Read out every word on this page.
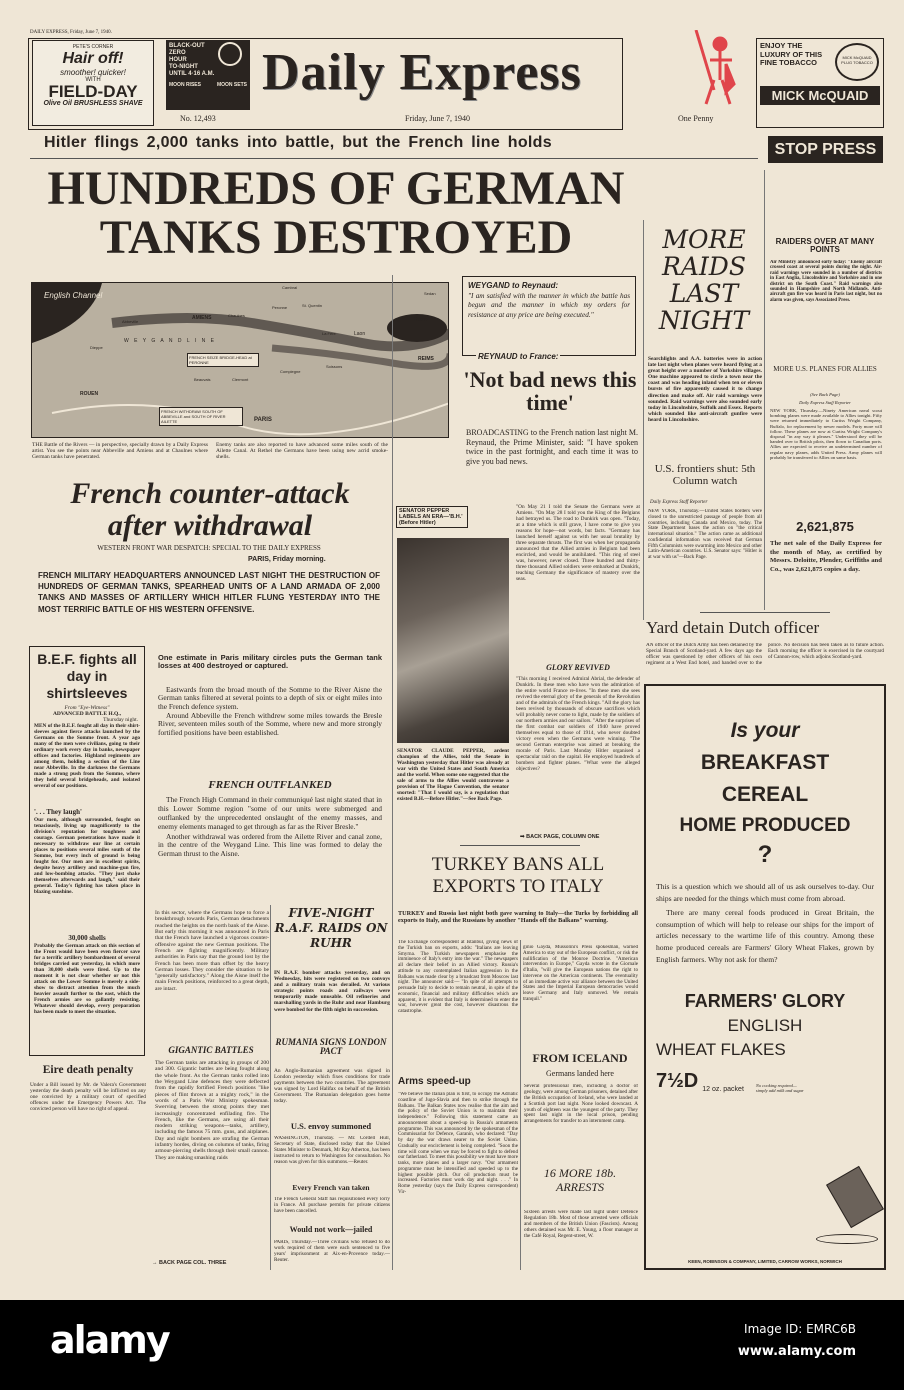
DAILY EXPRESS, Friday, June 7, 1940.
PETE'S CORNER
Hair off!
smoother! quicker!
WITH
FIELD-DAY
Olive Oil BRUSHLESS SHAVE
BLACK-OUT
ZERO
HOUR
TO-NIGHT
UNTIL 4·16 A.M.
MOON RISES	MOON SETS Daily Express	ENJOY THE
LUXURY OF THIS
FINE TOBACCO
MICK McQUAID PLUG TOBACCO
MICK McQUAID
No. 12,493	Friday, June 7, 1940	One Penny
Hitler flings 2,000 tanks into battle, but the French line holds	STOP PRESS
HUNDREDS OF GERMAN
TANKS DESTROYED
English Channel
AMIENS
Abbeville
Peronne	St. Quentin
Laon
La Fere
Rethel
Sedan
Cambrai
REIMS
Soissons
Compiegne
Clermont
Beauvais
ROUEN
Dieppe
Chaulnes
PARIS
W E Y G A N D L I N E
FRENCH SEIZE BRIDGE-HEAD at PERONNE
FRENCH WITHDRAW SOUTH OF ABBEVILLE and SOUTH OF RIVER AILETTE
THE Battle of the Rivers — in perspective, specially drawn by a Daily Express artist. You see the points near Abbeville and Amiens and at Chaulnes where German tanks have penetrated.
Enemy tanks are also reported to have advanced some miles south of the Ailette Canal. At Rethel the Germans have been using new acrid smoke-shells.
French counter-attack
after withdrawal
WESTERN FRONT WAR DESPATCH: SPECIAL TO THE DAILY EXPRESS
PARIS, Friday morning.
FRENCH MILITARY HEADQUARTERS ANNOUNCED LAST NIGHT THE DESTRUCTION OF HUNDREDS OF GERMAN TANKS, SPEARHEAD UNITS OF A LAND ARMADA OF 2,000 TANKS AND MASSES OF ARTILLERY WHICH HITLER FLUNG YESTERDAY INTO THE MOST TERRIFIC BATTLE OF HIS WESTERN OFFENSIVE.
One estimate in Paris military circles puts the German tank losses at 400 destroyed or captured.

Eastwards from the broad mouth of the Somme to the River Aisne the German tanks filtered at several points to a depth of six or eight miles into the French defence system.

Around Abbeville the French withdrew some miles towards the Bresle River, seventeen miles south of the Somme, where new and more strongly fortified positions have been established.

FRENCH OUTFLANKED

The French High Command in their communiqué last night stated that in this Lower Somme region "some of our units were submerged and outflanked by the unprecedented onslaught of the enemy masses, and enemy elements managed to get through as far as the River Bresle."

Another withdrawal was ordered from the Ailette River and canal zone, in the centre of the Weygand Line. This line was formed to delay the German thrust to the Aisne.

In this sector, where the Germans hope to force a breakthrough towards Paris, German detachments reached the heights on the north bank of the Aisne. But early this morning it was announced in Paris that the French have launched a vigorous counter-offensive against the new German positions. The French are fighting magnificently. Military authorities in Paris say that the ground lost by the French has been more than offset by the heavy German losses. They consider the situation to be "generally satisfactory." Along the Aisne itself the main French positions, reinforced to a great depth, are intact.
GIGANTIC BATTLES
The German tanks are attacking in groups of 200 and 300. Gigantic battles are being fought along the whole front. As the German tanks rolled into the Weygand Line defences they were deflected from the rapidly fortified French positions "like pieces of flint thrown at a mighty rock," in the words of a Paris War Ministry spokesman. Swerving between the strong points they met increasingly concentrated enfilading fire. The French, like the Germans, are using all their modern striking weapons—tanks, artillery, including the famous 75 mm. guns, and airplanes. Day and night bombers are strafing the German infantry hordes, diving on columns of tanks, firing armour-piercing shells through their small cannon. They are making smashing raids
→ BACK PAGE COL. THREE
B.E.F. fights all day in shirtsleeves
From "Eye-Witness"
ADVANCED BATTLE H.Q.,
Thursday night.
MEN of the B.E.F. fought all day in their shirt-sleeves against fierce attacks launched by the Germans on the Somme front. A year ago many of the men were civilians, going to their ordinary work every day in banks, newspaper offices and factories. Highland regiments are among them, holding a section of the Line near Abbeville. In the darkness the Germans made a strong push from the Somme, where they held several bridgeheads, and isolated several of our positions.
'. . . They laugh'
Our men, although surrounded, fought on tenaciously, living up magnificently to the division's reputation for toughness and courage. German penetrations have made it necessary to withdraw our line at certain places to positions several miles south of the Somme, but every inch of ground is being fought for. Our men are in excellent spirits, despite heavy artillery and machine-gun fire, and low-bombing attacks. "They just shake themselves afterwards and laugh," said their general. Today's fighting has taken place in blazing sunshine.
30,000 shells
Probably the German attack on this section of the Front would have been even fiercer save for a terrific artillery bombardment of several bridges carried out yesterday, in which more than 30,000 shells were fired. Up to the moment it is not clear whether or not this attack on the Lower Somme is merely a side-show to distract attention from the much heavier assault further to the east, which the French armies are so gallantly resisting. Whatever should develop, every preparation has been made to meet the situation.
Eire death penalty
Under a Bill issued by Mr. de Valera's Government yesterday the death penalty will be inflicted on any one convicted by a military court of specified offences under the Emergency Powers Act. The convicted person will have no right of appeal.
FIVE-NIGHT R.A.F. RAIDS ON RUHR
IN R.A.F. bomber attacks yesterday, and on Wednesday, hits were registered on two convoys and a military train was derailed. At various strategic points roads and railways were temporarily made unusable. Oil refineries and marshalling yards in the Ruhr and near Hamburg were bombed for the fifth night in succession.
RUMANIA SIGNS LONDON PACT
An Anglo-Rumanian agreement was signed in London yesterday which fixes conditions for trade payments between the two countries. The agreement was signed by Lord Halifax on behalf of the British Government. The Rumanian delegation goes home today.
U.S. envoy summoned
WASHINGTON, Thursday. — Mr. Cordell Hull, Secretary of State, disclosed today that the United States Minister to Denmark, Mr Ray Atherton, has been instructed to return to Washington for consultation. No reason was given for this summons.—Reuter.
Every French van taken
The French General Staff has requisitioned every lorry in France. All purchase permits for private citizens have been cancelled.
Would not work—jailed
PARIS, Thursday.—Three civilians who refused to do work required of them were each sentenced to five years' imprisonment at Aix-en-Provence today.—Reuter.
WEYGAND to Reynaud:
"I am satisfied with the manner in which the battle has begun and the manner in which my orders for resistance at any price are being executed."
REYNAUD to France:
'Not bad news this time'
BROADCASTING to the French nation last night M. Reynaud, the Prime Minister, said: "I have spoken twice in the past fortnight, and each time it was to give you bad news.
SENATOR PEPPER LABELS AN ERA—'B.H.' (Before Hitler)
SENATOR CLAUDE PEPPER, ardent champion of the Allies, told the Senate in Washington yesterday that Hitler was already at war with the United States and South America and the world. When some one suggested that the sale of arms to the Allies would contravene a provision of The Hague Convention, the senator snorted: "That I would say, is a regulation that existed B.H.—Before Hitler."—See Back Page.
"On May 21 I told the Senate the Germans were at Amiens. "On May 28 I told you the King of the Belgians had betrayed us. The road to Dunkirk was open. "Today, at a time which is still grave, I have come to give you reasons for hope—not words, but facts. "Germany has launched herself against us with her usual brutality by three separate thrusts. The first was when her propaganda announced that the Allied armies in Belgium had been encircled, and would be annihilated. "This ring of steel was, however, never closed. Three hundred and thirty-three thousand Allied soldiers were embarked at Dunkirk, teaching Germany the significance of mastery over the seas.
GLORY REVIVED
"This morning I received Admiral Abrial, the defender of Dunkirk. In these men who have won the admiration of the entire world France re-lives. "In these men she sees revived the eternal glory of the generals of the Revolution and of the admirals of the French kings. "All the glory has been revived by thousands of obscure sacrifices which will probably never come to light, made by the soldiers of our northern armies and our sailors. "After the surprises of the first combat our soldiers of 1940 have proved themselves equal to those of 1914, who never doubted victory even when the Germans were winning. "The second German enterprise was aimed at breaking the morale of Paris. Last Monday Hitler organised a spectacular raid on the capital. He employed hundreds of bombers and fighter planes. "What were the alleged objectives?
➡ BACK PAGE, COLUMN ONE
TURKEY BANS ALL EXPORTS TO ITALY
TURKEY and Russia last night both gave warning to Italy—the Turks by forbidding all exports to Italy, and the Russians by another "Hands off the Balkans" warning.
The Exchange correspondent at Istanbul, giving news of the Turkish ban on exports, adds: "Italians are leaving Smyrna. The Turkish newspapers emphasise the imminence of Italy's entry into the war." The newspapers all declare their belief in an Allied victory. Russia's attitude to any contemplated Italian aggression in the Balkans was made clear by a broadcast from Moscow last night. The announcer said:— "In spite of all attempts to persuade Italy to decide to remain neutral, in spite of the economic, financial and military difficulties which are apparent, it is evident that Italy is determined to enter the war, however great the cost, however disastrous the catastrophe.
Arms speed-up
"We believe the Italian plan is first, to occupy the Adriatic coastline of Jugo-Slavia and then to strike through the Balkans. The Balkan States now realise that the aim and the policy of the Soviet Union is to maintain their independence." Following this statement came an announcement about a speed-up in Russia's armaments programme. This was announced by the spokesman of the Commissariat for Defence, Garanin, who declared: "Day by day the war draws nearer to the Soviet Union. Gradually our encirclement is being completed. "Soon the time will come when we may be forced to fight to defend our fatherland. To meet this possibility we must have more tanks, more planes and a larger navy. "Our armament programme must be intensified and speeded up to the highest possible pitch. Our oil production must be increased. Factories must work day and night. . . ." In Rome yesterday (says the Daily Express correspondent) Vir-
ginio Gayda, Mussolini's Press spokesman, warned America to stay out of the European conflict, or risk the nullification of the Monroe Doctrine. "American intervention in Europe," Gayda wrote in the Giornale d'Italia, "will give the European nations the right to intervene on the American continents. The eventuality of an immediate active war alliance between the United States and the Imperial European democracies would leave Germany and Italy unmoved. We remain tranquil."
FROM ICELAND
Germans landed here
Several professional men, including a doctor of geology, were among German prisoners, detained after the British occupation of Iceland, who were landed at a Scottish port last night. None looked downcast. A youth of eighteen was the youngest of the party. They spent last night in the local prison, pending arrangements for transfer to an internment camp.
16 MORE 18b. ARRESTS
Sixteen arrests were made last night under Defence Regulation 18b. Most of those arrested were officials and members of the British Union (Fascists). Among others detained was Mr. E. Young, a floor manager at the Café Royal, Regent-street, W.
MORE RAIDS LAST NIGHT
Searchlights and A.A. batteries were in action late last night when planes were heard flying at a great height over a number of Yorkshire villages. One machine appeared to circle a town near the coast and was heading inland when ten or eleven bursts of fire apparently caused it to change direction and make off. Air raid warnings were sounded. Raid warnings were also sounded early today in Lincolnshire, Suffolk and Essex. Reports which sounded like anti-aircraft gunfire were heard in Lincolnshire.
U.S. frontiers shut: 5th Column watch
Daily Express Staff Reporter
NEW YORK, Thursday.—United States borders were closed to the unrestricted passage of people from all countries, including Canada and Mexico, today. The State Department bases the action on "the critical international situation." The action came as additional confidential information was received that German Fifth Columnists were swarming into Mexico and other Latin-American countries. U.S. Senator says: "Hitler is at war with us"—Back Page.
RAIDERS OVER AT MANY POINTS
Air Ministry announced early today: "Enemy aircraft crossed coast at several points during the night. Air-raid warnings were sounded in a number of districts in East Anglia, Lincolnshire and Yorkshire and in one district on the South Coast." Raid warnings also sounded in Hampshire and North Midlands. Anti-aircraft gun fire was heard in Paris last night, but no alarm was given, says Associated Press.
MORE U.S. PLANES FOR ALLIES
(See Back Page)
Daily Express Staff Reporter
NEW YORK, Thursday.—Ninety American naval scout bombing planes were made available to Allies tonight. Fifty were returned immediately to Curtiss Wright Company, Buffalo, for replacement by newer models. Forty more will follow. These planes are now at Curtiss Wright Company's disposal "in any way it pleases." Understood they will be handed over to British pilots, then flown to Canadian ports. Allies are expected to receive an undetermined number of regular navy planes, adds United Press. Army planes will probably be transferred to Allies on same basis.
2,621,875
The net sale of the Daily Express for the month of May, as certified by Messrs. Deloitte, Plender, Griffiths and Co., was 2,621,875 copies a day.
Yard detain Dutch officer
AN officer of the Dutch Army has been detained by the Special Branch of Scotland-yard. A few days ago the officer was questioned by other officers of his own regiment at a West End hotel, and handed over to the police. No decision has been taken as to future action. Each morning the officer is exercised in the courtyard of Cannon-row, which adjoins Scotland-yard.
Is your
BREAKFAST
CEREAL
HOME PRODUCED
?
This is a question which we should all of us ask ourselves to-day. Our ships are needed for the things which must come from abroad.
There are many cereal foods produced in Great Britain, the consumption of which will help to release our ships for the import of articles necessary to the wartime life of this country. Among these home produced cereals are Farmers' Glory Wheat Flakes, grown by English farmers. Why not ask for them?
FARMERS' GLORY
ENGLISH
WHEAT FLAKES
7½D 12 oz. packet
No cooking required—simply add milk and sugar
KEEN, ROBINSON & COMPANY, LIMITED, CARROW WORKS, NORWICH
alamy	Image ID: EMRC6B
www.alamy.com
